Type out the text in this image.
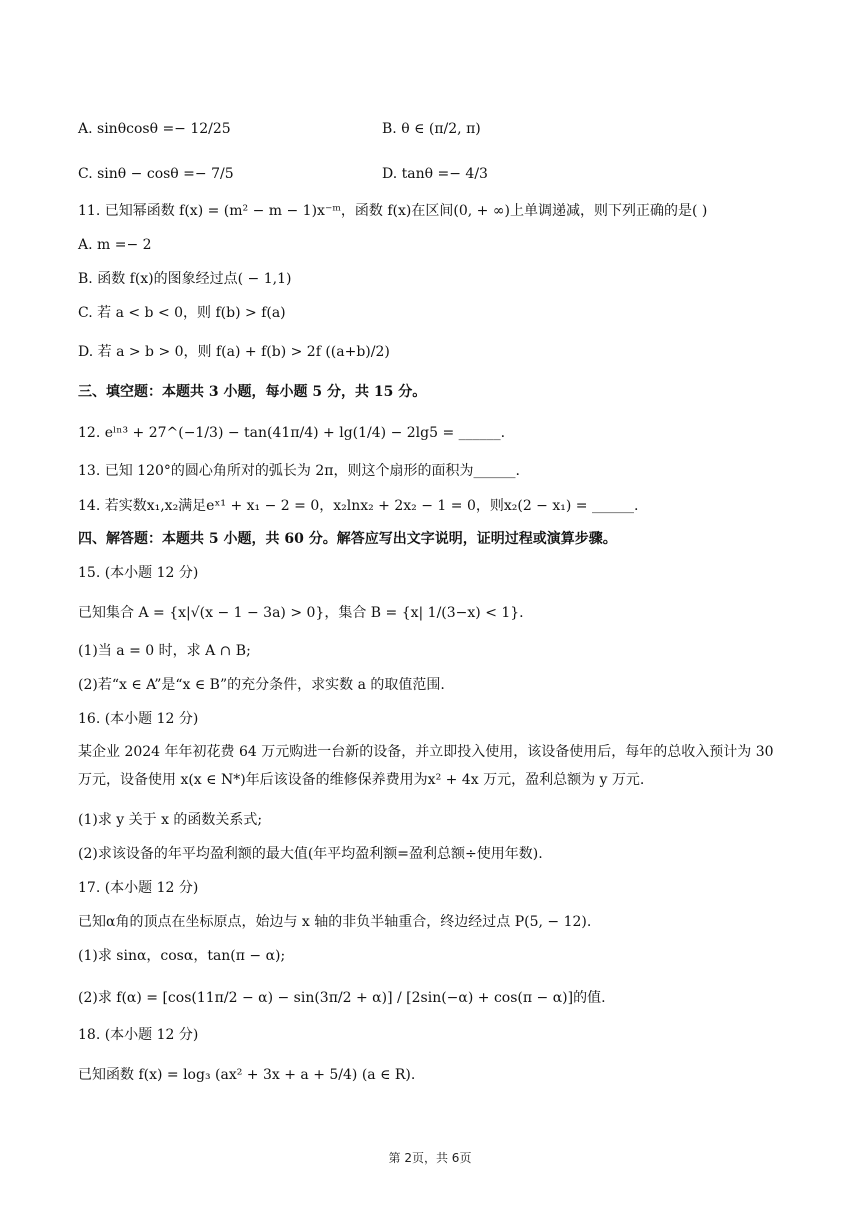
A. sinθcosθ =− 12/25	B. θ ∈ (π/2, π)
C. sinθ − cosθ =− 7/5	D. tanθ =− 4/3
11. 已知幂函数 f(x) = (m² − m − 1)x⁻ᵐ，函数 f(x)在区间(0, + ∞)上单调递减，则下列正确的是( )
A. m =− 2
B. 函数 f(x)的图象经过点( − 1,1)
C. 若 a < b < 0，则 f(b) > f(a)
D. 若 a > b > 0，则 f(a) + f(b) > 2f ((a+b)/2)
三、填空题：本题共 3 小题，每小题 5 分，共 15 分。
12. eˡⁿ³ + 27^(−1/3) − tan(41π/4) + lg(1/4) − 2lg5 = ______.
13. 已知 120°的圆心角所对的弧长为 2π，则这个扇形的面积为______.
14. 若实数x₁,x₂满足eˣ¹ + x₁ − 2 = 0，x₂lnx₂ + 2x₂ − 1 = 0，则x₂(2 − x₁) = ______.
四、解答题：本题共 5 小题，共 60 分。解答应写出文字说明，证明过程或演算步骤。
15. (本小题 12 分)
已知集合 A = {x|√(x − 1 − 3a) > 0}，集合 B = {x| 1/(3−x) < 1}.
(1)当 a = 0 时，求 A ∩ B;
(2)若“x ∈ A”是“x ∈ B”的充分条件，求实数 a 的取值范围.
16. (本小题 12 分)
某企业 2024 年年初花费 64 万元购进一台新的设备，并立即投入使用，该设备使用后，每年的总收入预计为 30 万元，设备使用 x(x ∈ N*)年后该设备的维修保养费用为x² + 4x 万元，盈利总额为 y 万元.
(1)求 y 关于 x 的函数关系式;
(2)求该设备的年平均盈利额的最大值(年平均盈利额=盈利总额÷使用年数).
17. (本小题 12 分)
已知α角的顶点在坐标原点，始边与 x 轴的非负半轴重合，终边经过点 P(5, − 12).
(1)求 sinα，cosα，tan(π − α);
(2)求 f(α) = [cos(11π/2 − α) − sin(3π/2 + α)] / [2sin(−α) + cos(π − α)]的值.
18. (本小题 12 分)
已知函数 f(x) = log₃ (ax² + 3x + a + 5/4) (a ∈ R).
第 2页，共 6页
